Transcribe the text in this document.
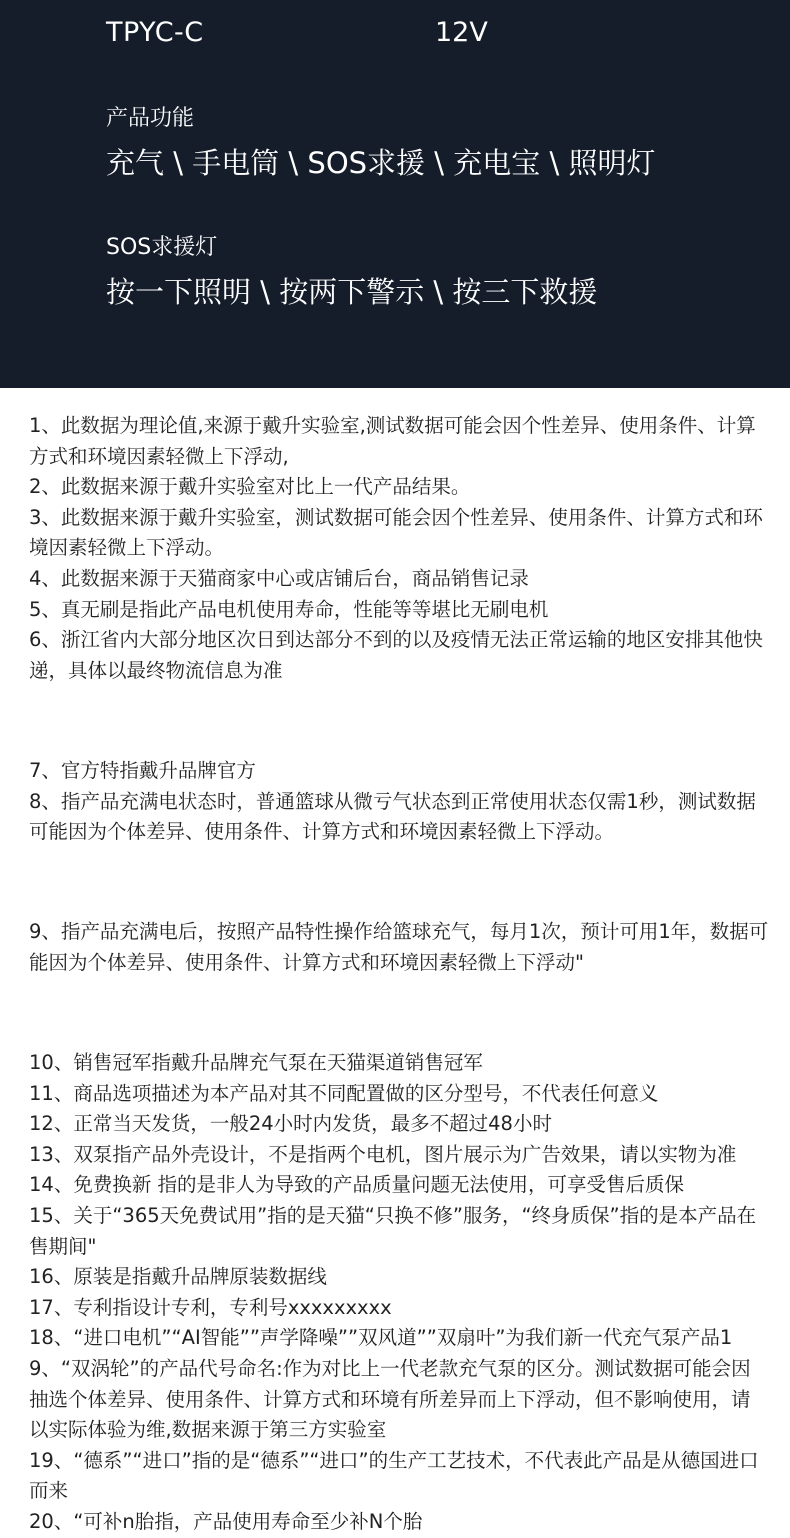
TPYC-C	12V
产品功能
充气 \ 手电筒 \ SOS求援 \ 充电宝 \ 照明灯
SOS求援灯
按一下照明 \ 按两下警示 \ 按三下救援

1、此数据为理论值,来源于戴升实验室,测试数据可能会因个性差异、使用条件、计算方式和环境因素轻微上下浮动,

2、此数据来源于戴升实验室对比上一代产品结果。

3、此数据来源于戴升实验室，测试数据可能会因个性差异、使用条件、计算方式和环境因素轻微上下浮动。

4、此数据来源于天猫商家中心或店铺后台，商品销售记录

5、真无刷是指此产品电机使用寿命，性能等等堪比无刷电机

6、浙江省内大部分地区次日到达部分不到的以及疫情无法正常运输的地区安排其他快递，具体以最终物流信息为准

7、官方特指戴升品牌官方

8、指产品充满电状态时，普通篮球从微亏气状态到正常使用状态仅需1秒，测试数据可能因为个体差异、使用条件、计算方式和环境因素轻微上下浮动。

9、指产品充满电后，按照产品特性操作给篮球充气，每月1次，预计可用1年，数据可能因为个体差异、使用条件、计算方式和环境因素轻微上下浮动"

10、销售冠军指戴升品牌充气泵在天猫渠道销售冠军

11、商品选项描述为本产品对其不同配置做的区分型号，不代表任何意义

12、正常当天发货，一般24小时内发货，最多不超过48小时

13、双泵指产品外壳设计，不是指两个电机，图片展示为广告效果，请以实物为准

14、免费换新 指的是非人为导致的产品质量问题无法使用，可享受售后质保

15、关于“365天免费试用”指的是天猫“只换不修”服务，“终身质保”指的是本产品在售期间"

16、原装是指戴升品牌原装数据线

17、专利指设计专利，专利号xxxxxxxxx

18、“进口电机”“AI智能””声学降噪””双风道””双扇叶”为我们新一代充气泵产品19、“双涡轮”的产品代号命名:作为对比上一代老款充气泵的区分。测试数据可能会因抽选个体差异、使用条件、计算方式和环境有所差异而上下浮动，但不影响使用，请以实际体验为维,数据来源于第三方实验室

19、“德系”“进口”指的是“德系”“进口”的生产工艺技术，不代表此产品是从德国进口而来

20、“可补n胎指，产品使用寿命至少补N个胎
